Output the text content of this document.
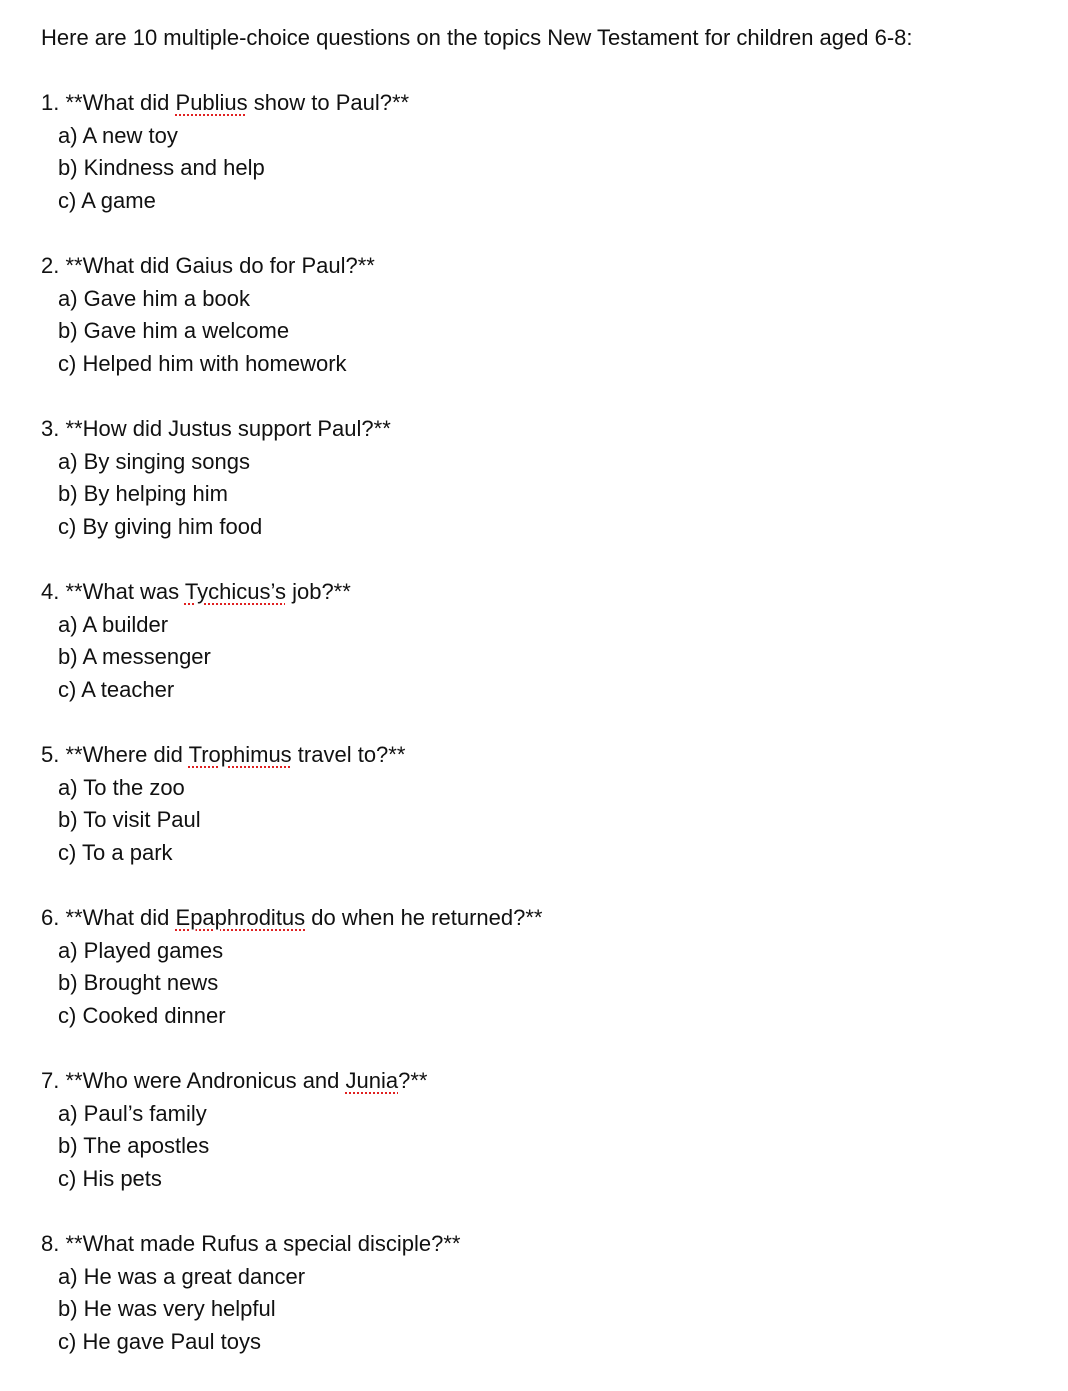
Here are 10 multiple-choice questions on the topics New Testament for children aged 6-8:

1. **What did Publius show to Paul?**
a) A new toy
b) Kindness and help
c) A game
2. **What did Gaius do for Paul?**
a) Gave him a book
b) Gave him a welcome
c) Helped him with homework
3. **How did Justus support Paul?**
a) By singing songs
b) By helping him
c) By giving him food
4. **What was Tychicus’s job?**
a) A builder
b) A messenger
c) A teacher
5. **Where did Trophimus travel to?**
a) To the zoo
b) To visit Paul
c) To a park
6. **What did Epaphroditus do when he returned?**
a) Played games
b) Brought news
c) Cooked dinner
7. **Who were Andronicus and Junia?**
a) Paul’s family
b) The apostles
c) His pets
8. **What made Rufus a special disciple?**
a) He was a great dancer
b) He was very helpful
c) He gave Paul toys
